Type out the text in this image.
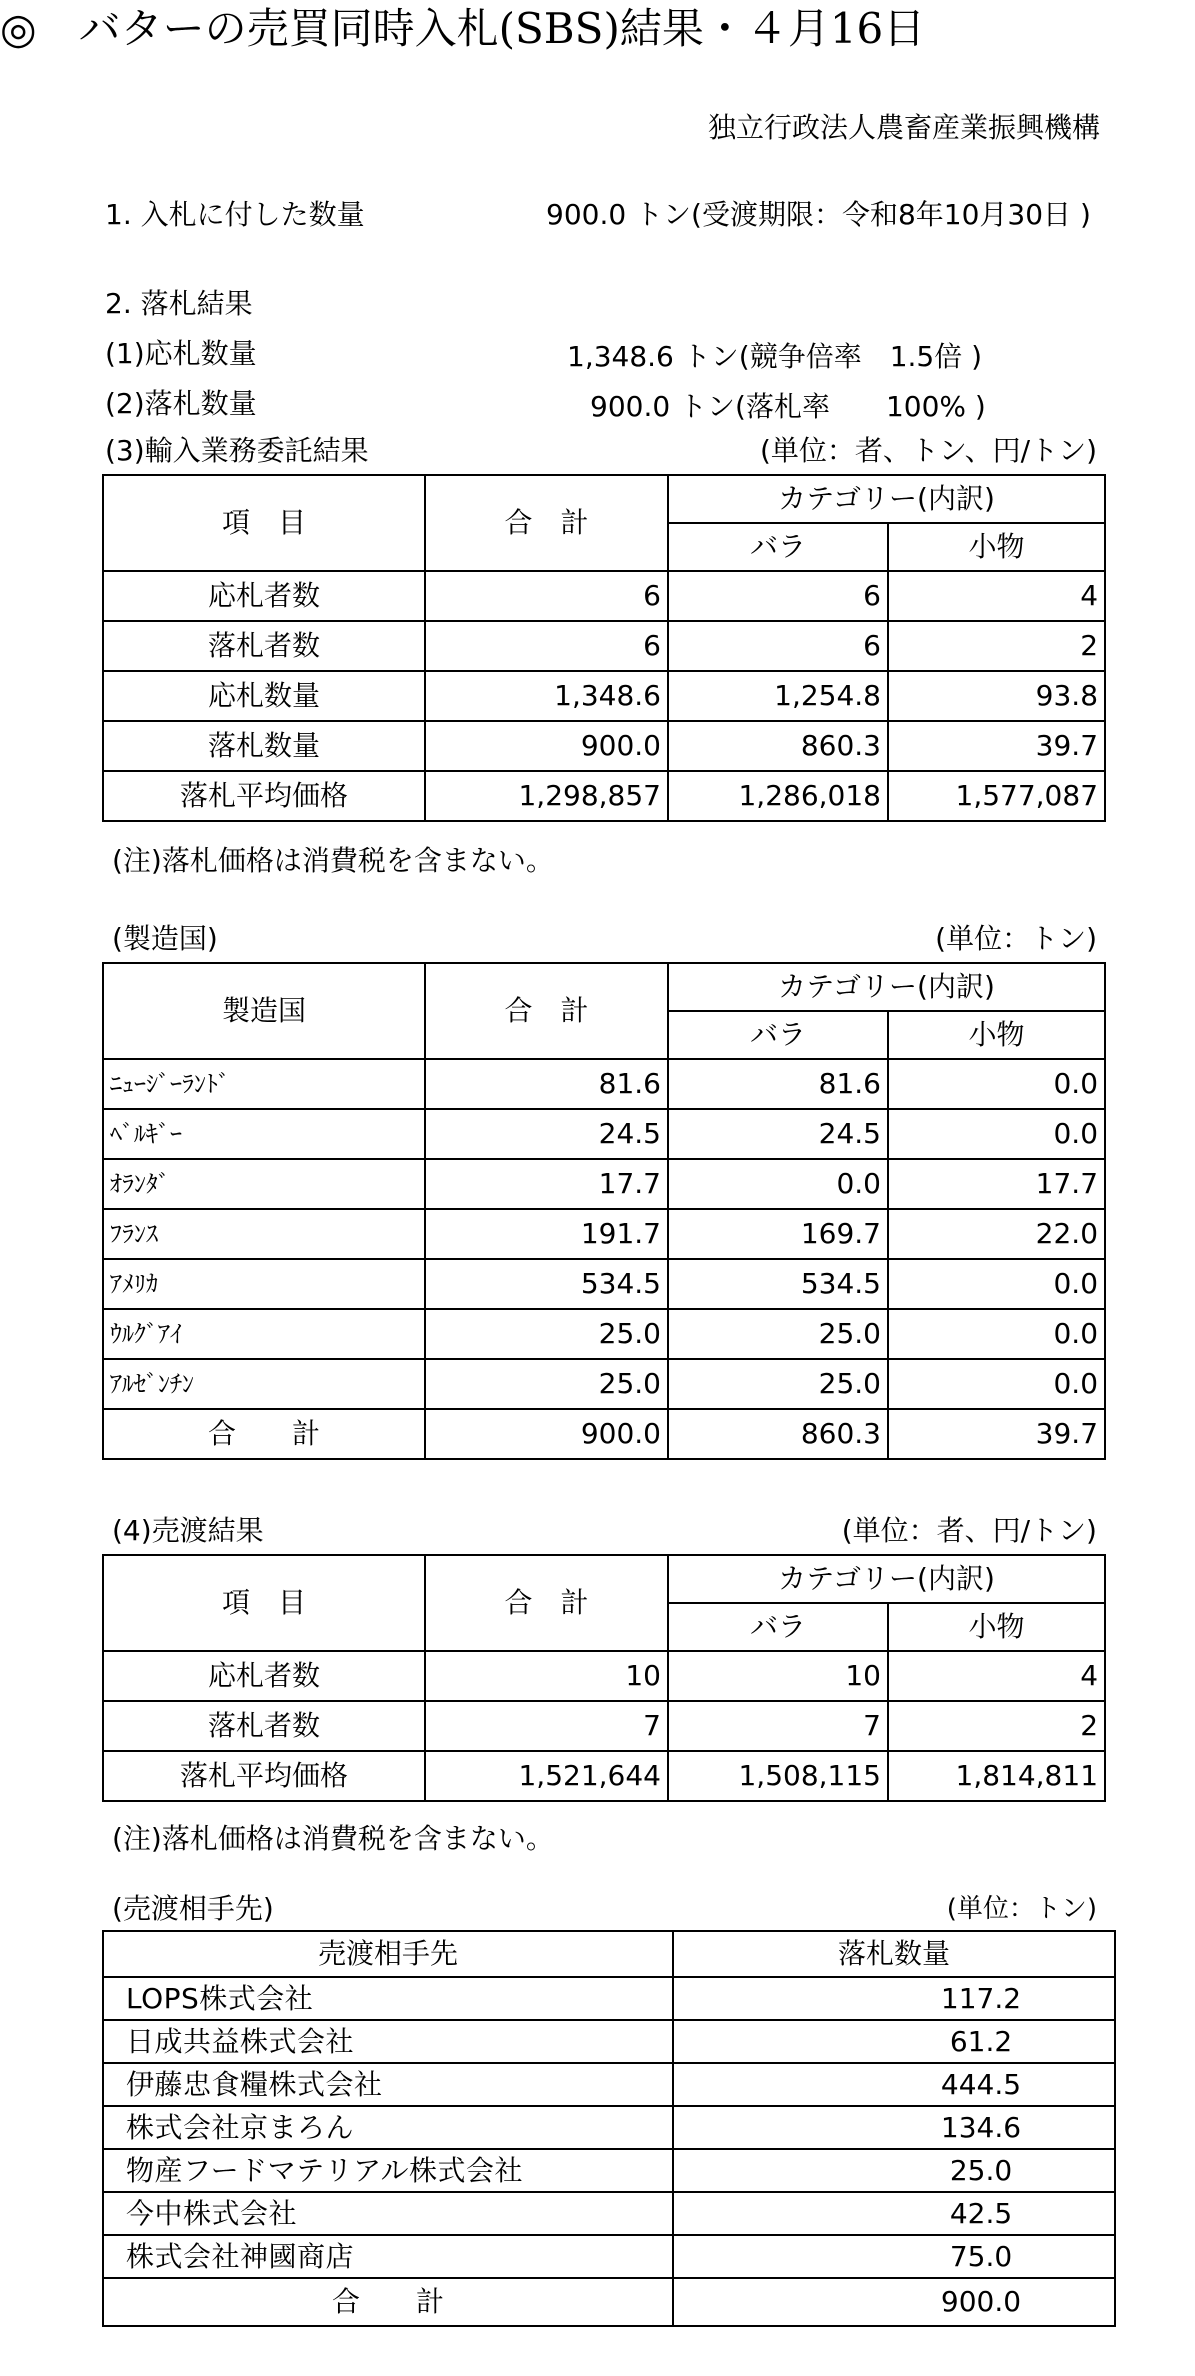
◎　バターの売買同時入札(SBS)結果・４月16日
独立行政法人農畜産業振興機構
1. 入札に付した数量	900.0 トン(受渡期限：令和8年10月30日 )
2. 落札結果
(1)応札数量	1,348.6 トン(競争倍率　1.5倍 )
(2)落札数量	900.0 トン(落札率　　100% )
(3)輸入業務委託結果	(単位：者、トン、円/トン)
項　目	合　計	カテゴリー(内訳)	
		バラ	小物
応札者数	6	6	4
落札者数	6	6	2
応札数量	1,348.6	1,254.8	93.8
落札数量	900.0	860.3	39.7
落札平均価格	1,298,857	1,286,018	1,577,087
(注)落札価格は消費税を含まない。
(製造国)	(単位：トン)
製造国	合　計	カテゴリー(内訳)	
		バラ	小物
ﾆｭｰｼﾞｰﾗﾝﾄﾞ	81.6	81.6	0.0
ﾍﾞﾙｷﾞｰ	24.5	24.5	0.0
ｵﾗﾝﾀﾞ	17.7	0.0	17.7
ﾌﾗﾝｽ	191.7	169.7	22.0
ｱﾒﾘｶ	534.5	534.5	0.0
ｳﾙｸﾞｱｲ	25.0	25.0	0.0
ｱﾙｾﾞﾝﾁﾝ	25.0	25.0	0.0
合　　計	900.0	860.3	39.7
(4)売渡結果	(単位：者、円/トン)
項　目	合　計	カテゴリー(内訳)	
		バラ	小物
応札者数	10	10	4
落札者数	7	7	2
落札平均価格	1,521,644	1,508,115	1,814,811
(注)落札価格は消費税を含まない。
(売渡相手先)	(単位：トン)
売渡相手先	落札数量
LOPS株式会社	117.2
日成共益株式会社	61.2
伊藤忠食糧株式会社	444.5
株式会社京まろん	134.6
物産フードマテリアル株式会社	25.0
今中株式会社	42.5
株式会社神國商店	75.0
合　　計	900.0
